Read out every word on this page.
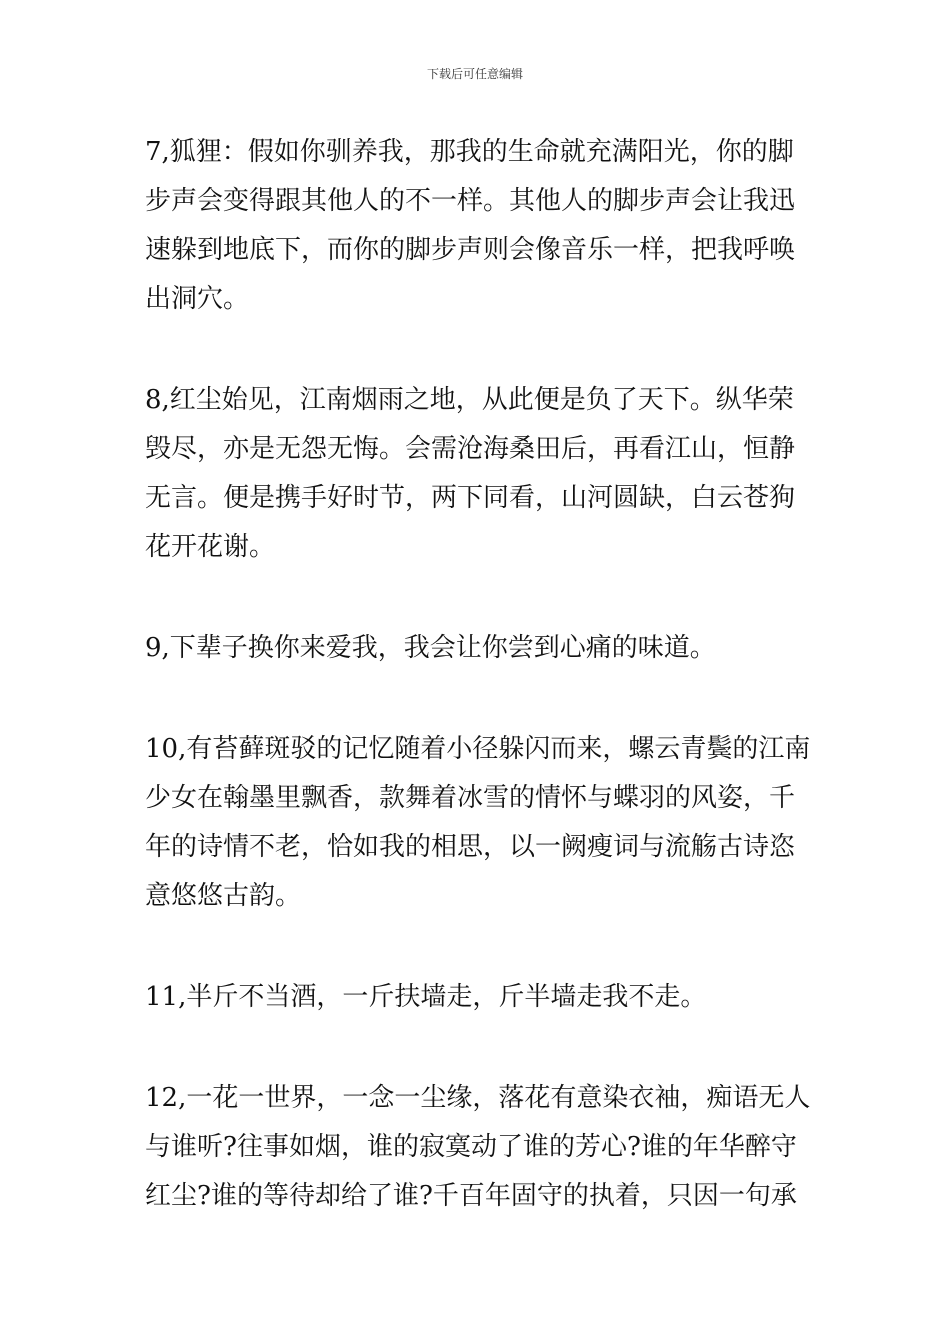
下载后可任意编辑

7,狐狸：假如你驯养我，那我的生命就充满阳光，你的脚
步声会变得跟其他人的不一样。其他人的脚步声会让我迅
速躲到地底下，而你的脚步声则会像音乐一样，把我呼唤
出洞穴。

8,红尘始见，江南烟雨之地，从此便是负了天下。纵华荣
毁尽，亦是无怨无悔。会需沧海桑田后，再看江山，恒静
无言。便是携手好时节，两下同看，山河圆缺，白云苍狗
花开花谢。

9,下辈子换你来爱我，我会让你尝到心痛的味道。

10,有苔藓斑驳的记忆随着小径躲闪而来，螺云青鬓的江南
少女在翰墨里飘香，款舞着冰雪的情怀与蝶羽的风姿，千
年的诗情不老，恰如我的相思，以一阙瘦词与流觞古诗恣
意悠悠古韵。

11,半斤不当酒，一斤扶墙走，斤半墙走我不走。

12,一花一世界，一念一尘缘，落花有意染衣袖，痴语无人
与谁听?往事如烟，谁的寂寞动了谁的芳心?谁的年华醉守
红尘?谁的等待却给了谁?千百年固守的执着，只因一句承
